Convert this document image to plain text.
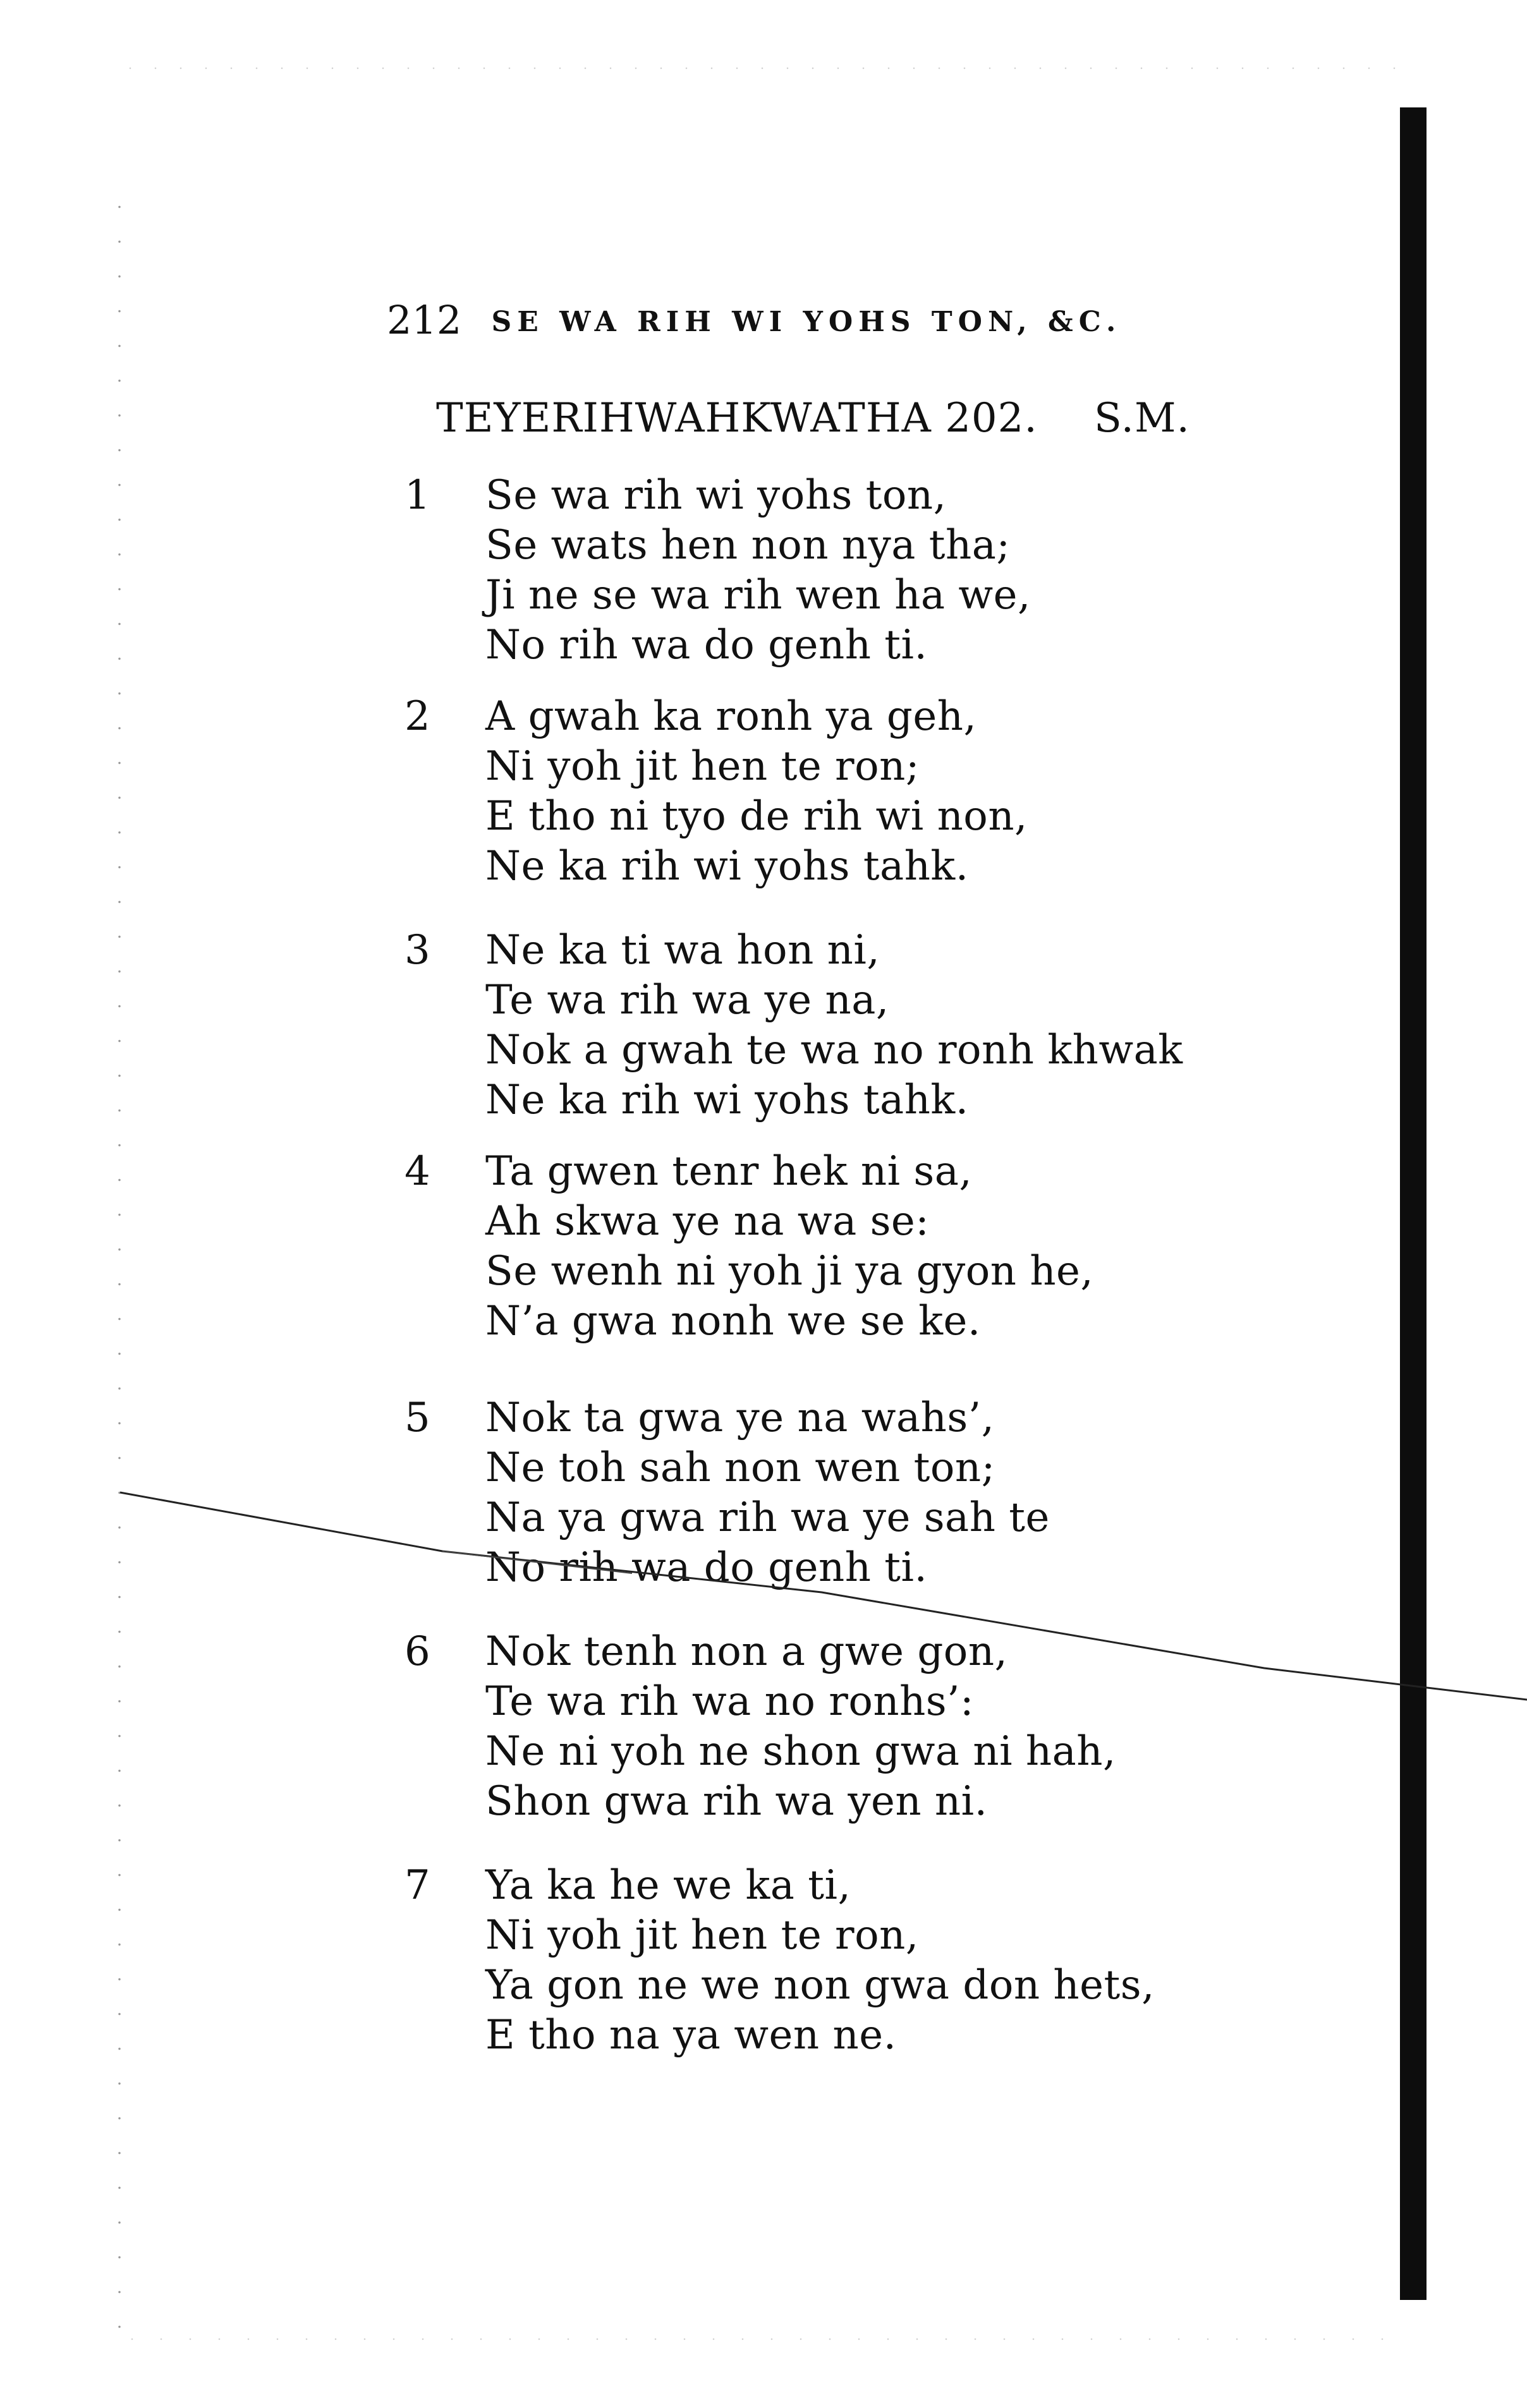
212 SE WA RIH WI YOHS TON, &C.
TEYERIHWAHKWATHA 202. S.M.
1	Se wa rih wi yohs ton,
Se wats hen non nya tha;
Ji ne se wa rih wen ha we,
No rih wa do genh ti.
2	A gwah ka ronh ya geh,
Ni yoh jit hen te ron;
E tho ni tyo de rih wi non,
Ne ka rih wi yohs tahk.
3	Ne ka ti wa hon ni,
Te wa rih wa ye na,
Nok a gwah te wa no ronh khwak
Ne ka rih wi yohs tahk.
4	Ta gwen tenr hek ni sa,
Ah skwa ye na wa se:
Se wenh ni yoh ji ya gyon he,
N’a gwa nonh we se ke.
5	Nok ta gwa ye na wahs’,
Ne toh sah non wen ton;
Na ya gwa rih wa ye sah te
No rih wa do genh ti.
6	Nok tenh non a gwe gon,
Te wa rih wa no ronhs’:
Ne ni yoh ne shon gwa ni hah,
Shon gwa rih wa yen ni.
7	Ya ka he we ka ti,
Ni yoh jit hen te ron,
Ya gon ne we non gwa don hets,
E tho na ya wen ne.
